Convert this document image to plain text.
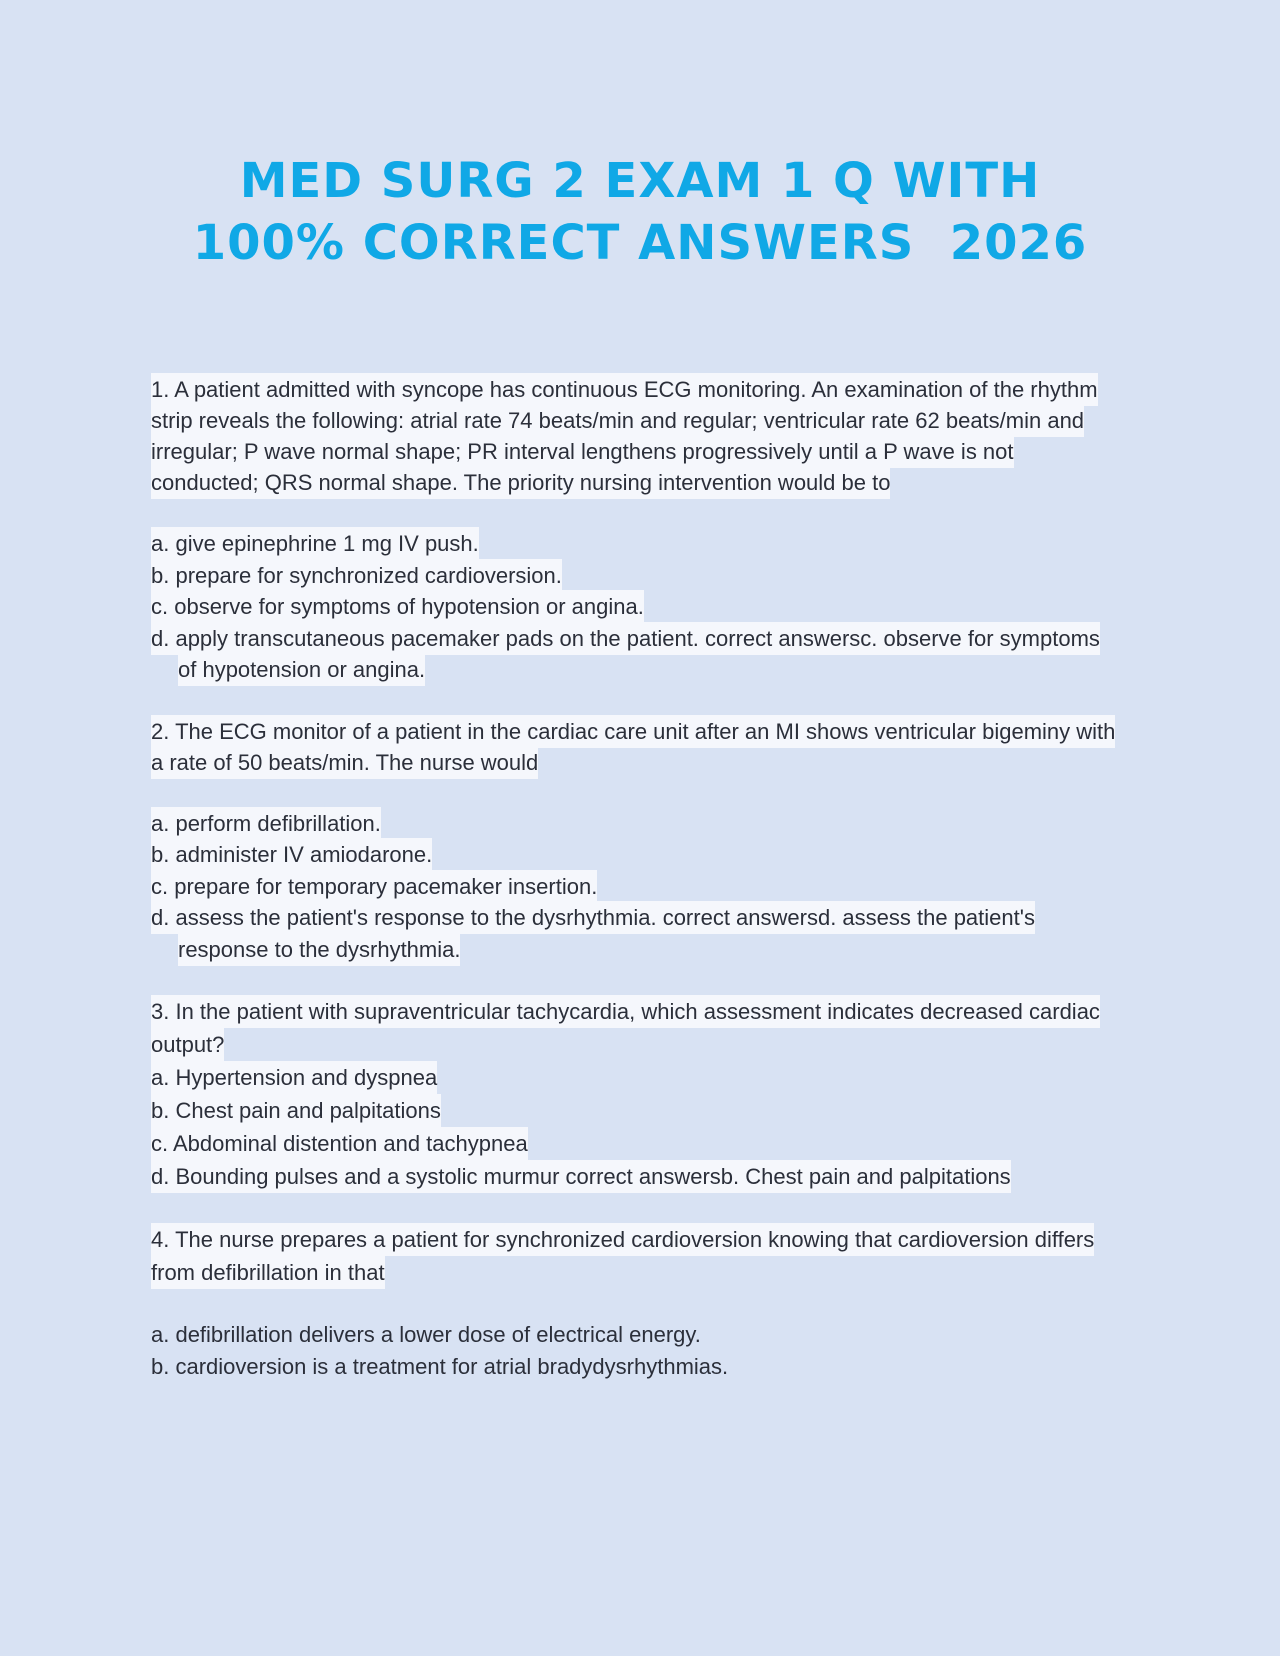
MED SURG 2 EXAM 1 Q WITH
100% CORRECT ANSWERS  2026

1. A patient admitted with syncope has continuous ECG monitoring. An examination of the rhythm strip reveals the following: atrial rate 74 beats/min and regular; ventricular rate 62 beats/min and irregular; P wave normal shape; PR interval lengthens progressively until a P wave is not conducted; QRS normal shape. The priority nursing intervention would be to

a. give epinephrine 1 mg IV push.
b. prepare for synchronized cardioversion.
c. observe for symptoms of hypotension or angina.
d. apply transcutaneous pacemaker pads on the patient. correct answersc. observe for symptoms of hypotension or angina.

2. The ECG monitor of a patient in the cardiac care unit after an MI shows ventricular bigeminy with a rate of 50 beats/min. The nurse would

a. perform defibrillation.
b. administer IV amiodarone.
c. prepare for temporary pacemaker insertion.
d. assess the patient's response to the dysrhythmia. correct answersd. assess the patient's response to the dysrhythmia.

3. In the patient with supraventricular tachycardia, which assessment indicates decreased cardiac output?

a. Hypertension and dyspnea
b. Chest pain and palpitations
c. Abdominal distention and tachypnea
d. Bounding pulses and a systolic murmur correct answersb. Chest pain and palpitations

4. The nurse prepares a patient for synchronized cardioversion knowing that cardioversion differs from defibrillation in that

a. defibrillation delivers a lower dose of electrical energy.
b. cardioversion is a treatment for atrial bradydysrhythmias.
